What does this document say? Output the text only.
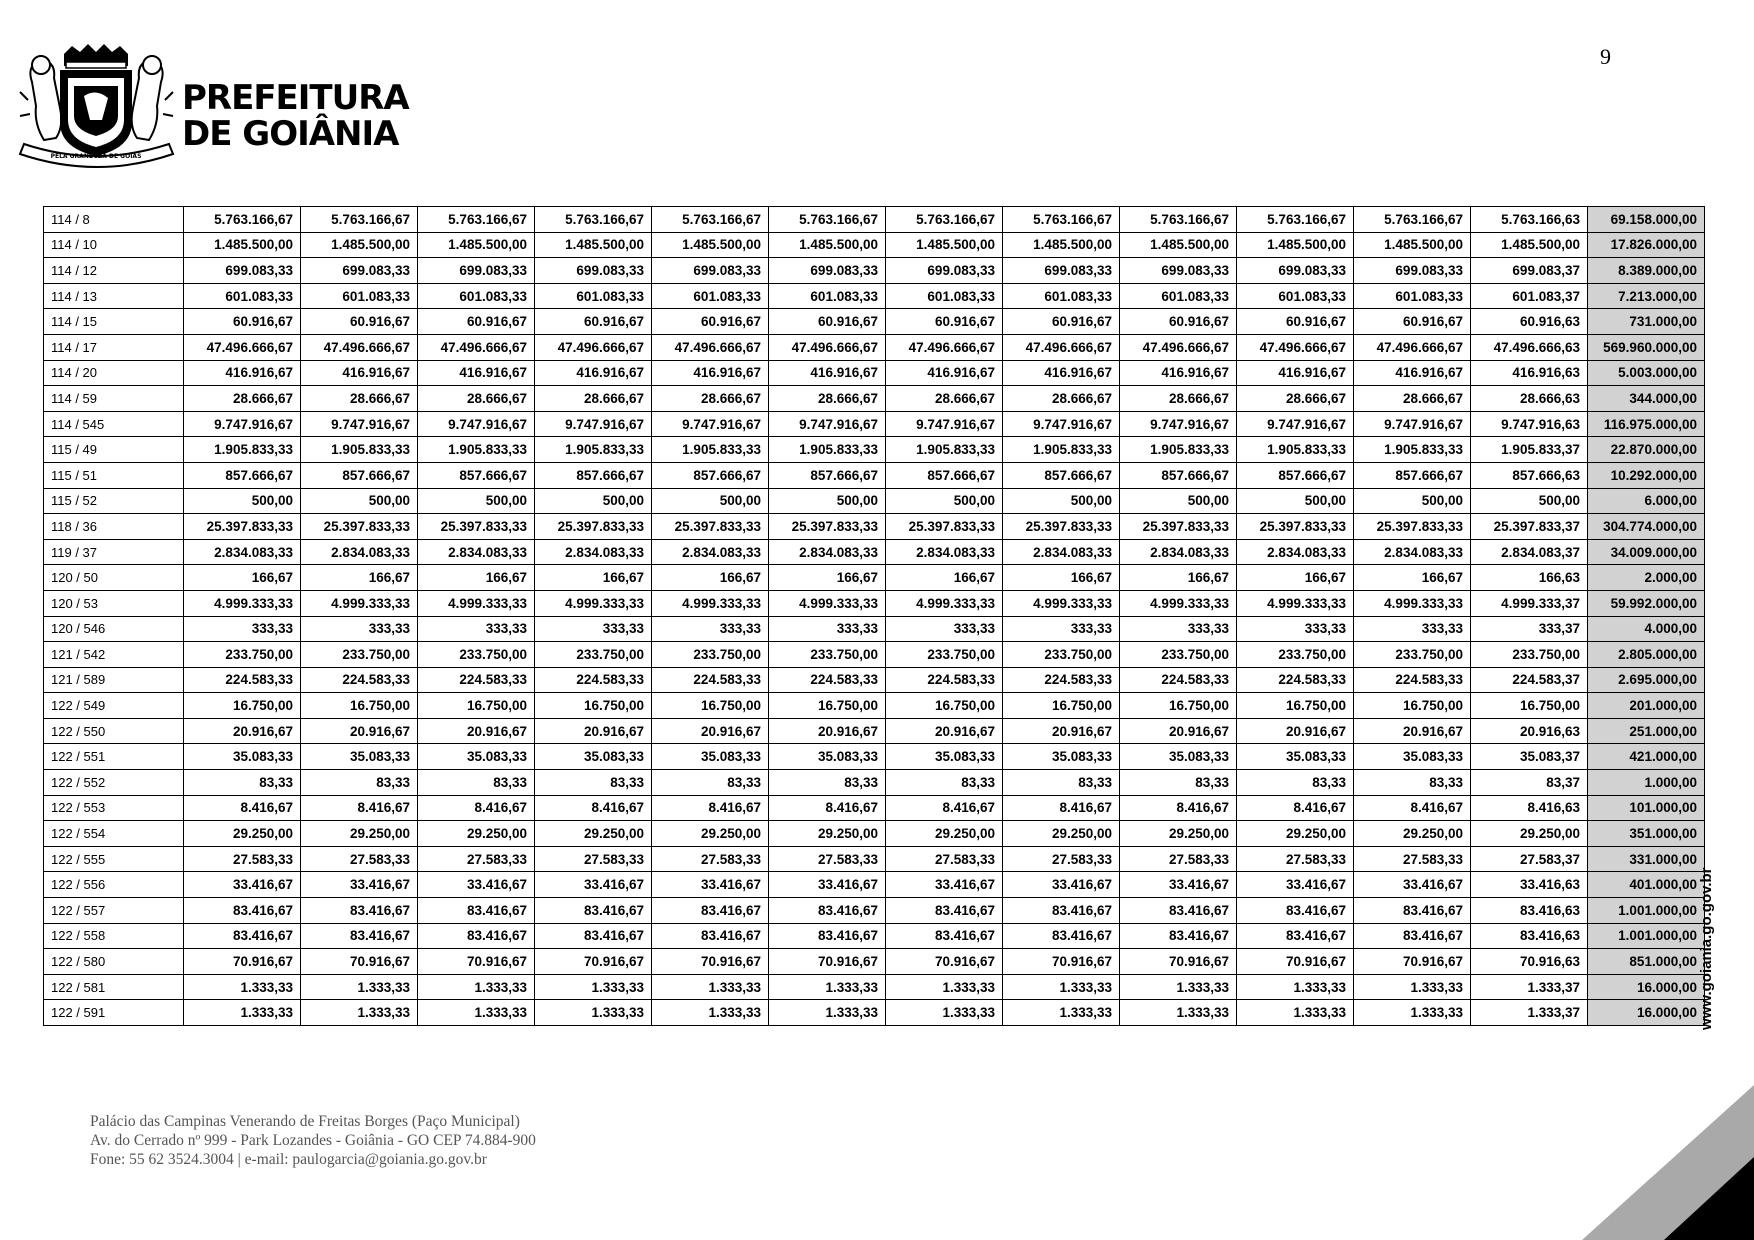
9
PELA GRANDEZA DE GOIÁS
PREFEITURA
DE GOIÂNIA
114 / 8	5.763.166,67	5.763.166,67	5.763.166,67	5.763.166,67	5.763.166,67	5.763.166,67	5.763.166,67	5.763.166,67	5.763.166,67	5.763.166,67	5.763.166,67	5.763.166,63	69.158.000,00
114 / 10	1.485.500,00	1.485.500,00	1.485.500,00	1.485.500,00	1.485.500,00	1.485.500,00	1.485.500,00	1.485.500,00	1.485.500,00	1.485.500,00	1.485.500,00	1.485.500,00	17.826.000,00
114 / 12	699.083,33	699.083,33	699.083,33	699.083,33	699.083,33	699.083,33	699.083,33	699.083,33	699.083,33	699.083,33	699.083,33	699.083,37	8.389.000,00
114 / 13	601.083,33	601.083,33	601.083,33	601.083,33	601.083,33	601.083,33	601.083,33	601.083,33	601.083,33	601.083,33	601.083,33	601.083,37	7.213.000,00
114 / 15	60.916,67	60.916,67	60.916,67	60.916,67	60.916,67	60.916,67	60.916,67	60.916,67	60.916,67	60.916,67	60.916,67	60.916,63	731.000,00
114 / 17	47.496.666,67	47.496.666,67	47.496.666,67	47.496.666,67	47.496.666,67	47.496.666,67	47.496.666,67	47.496.666,67	47.496.666,67	47.496.666,67	47.496.666,67	47.496.666,63	569.960.000,00
114 / 20	416.916,67	416.916,67	416.916,67	416.916,67	416.916,67	416.916,67	416.916,67	416.916,67	416.916,67	416.916,67	416.916,67	416.916,63	5.003.000,00
114 / 59	28.666,67	28.666,67	28.666,67	28.666,67	28.666,67	28.666,67	28.666,67	28.666,67	28.666,67	28.666,67	28.666,67	28.666,63	344.000,00
114 / 545	9.747.916,67	9.747.916,67	9.747.916,67	9.747.916,67	9.747.916,67	9.747.916,67	9.747.916,67	9.747.916,67	9.747.916,67	9.747.916,67	9.747.916,67	9.747.916,63	116.975.000,00
115 / 49	1.905.833,33	1.905.833,33	1.905.833,33	1.905.833,33	1.905.833,33	1.905.833,33	1.905.833,33	1.905.833,33	1.905.833,33	1.905.833,33	1.905.833,33	1.905.833,37	22.870.000,00
115 / 51	857.666,67	857.666,67	857.666,67	857.666,67	857.666,67	857.666,67	857.666,67	857.666,67	857.666,67	857.666,67	857.666,67	857.666,63	10.292.000,00
115 / 52	500,00	500,00	500,00	500,00	500,00	500,00	500,00	500,00	500,00	500,00	500,00	500,00	6.000,00
118 / 36	25.397.833,33	25.397.833,33	25.397.833,33	25.397.833,33	25.397.833,33	25.397.833,33	25.397.833,33	25.397.833,33	25.397.833,33	25.397.833,33	25.397.833,33	25.397.833,37	304.774.000,00
119 / 37	2.834.083,33	2.834.083,33	2.834.083,33	2.834.083,33	2.834.083,33	2.834.083,33	2.834.083,33	2.834.083,33	2.834.083,33	2.834.083,33	2.834.083,33	2.834.083,37	34.009.000,00
120 / 50	166,67	166,67	166,67	166,67	166,67	166,67	166,67	166,67	166,67	166,67	166,67	166,63	2.000,00
120 / 53	4.999.333,33	4.999.333,33	4.999.333,33	4.999.333,33	4.999.333,33	4.999.333,33	4.999.333,33	4.999.333,33	4.999.333,33	4.999.333,33	4.999.333,33	4.999.333,37	59.992.000,00
120 / 546	333,33	333,33	333,33	333,33	333,33	333,33	333,33	333,33	333,33	333,33	333,33	333,37	4.000,00
121 / 542	233.750,00	233.750,00	233.750,00	233.750,00	233.750,00	233.750,00	233.750,00	233.750,00	233.750,00	233.750,00	233.750,00	233.750,00	2.805.000,00
121 / 589	224.583,33	224.583,33	224.583,33	224.583,33	224.583,33	224.583,33	224.583,33	224.583,33	224.583,33	224.583,33	224.583,33	224.583,37	2.695.000,00
122 / 549	16.750,00	16.750,00	16.750,00	16.750,00	16.750,00	16.750,00	16.750,00	16.750,00	16.750,00	16.750,00	16.750,00	16.750,00	201.000,00
122 / 550	20.916,67	20.916,67	20.916,67	20.916,67	20.916,67	20.916,67	20.916,67	20.916,67	20.916,67	20.916,67	20.916,67	20.916,63	251.000,00
122 / 551	35.083,33	35.083,33	35.083,33	35.083,33	35.083,33	35.083,33	35.083,33	35.083,33	35.083,33	35.083,33	35.083,33	35.083,37	421.000,00
122 / 552	83,33	83,33	83,33	83,33	83,33	83,33	83,33	83,33	83,33	83,33	83,33	83,37	1.000,00
122 / 553	8.416,67	8.416,67	8.416,67	8.416,67	8.416,67	8.416,67	8.416,67	8.416,67	8.416,67	8.416,67	8.416,67	8.416,63	101.000,00
122 / 554	29.250,00	29.250,00	29.250,00	29.250,00	29.250,00	29.250,00	29.250,00	29.250,00	29.250,00	29.250,00	29.250,00	29.250,00	351.000,00
122 / 555	27.583,33	27.583,33	27.583,33	27.583,33	27.583,33	27.583,33	27.583,33	27.583,33	27.583,33	27.583,33	27.583,33	27.583,37	331.000,00
122 / 556	33.416,67	33.416,67	33.416,67	33.416,67	33.416,67	33.416,67	33.416,67	33.416,67	33.416,67	33.416,67	33.416,67	33.416,63	401.000,00
122 / 557	83.416,67	83.416,67	83.416,67	83.416,67	83.416,67	83.416,67	83.416,67	83.416,67	83.416,67	83.416,67	83.416,67	83.416,63	1.001.000,00
122 / 558	83.416,67	83.416,67	83.416,67	83.416,67	83.416,67	83.416,67	83.416,67	83.416,67	83.416,67	83.416,67	83.416,67	83.416,63	1.001.000,00
122 / 580	70.916,67	70.916,67	70.916,67	70.916,67	70.916,67	70.916,67	70.916,67	70.916,67	70.916,67	70.916,67	70.916,67	70.916,63	851.000,00
122 / 581	1.333,33	1.333,33	1.333,33	1.333,33	1.333,33	1.333,33	1.333,33	1.333,33	1.333,33	1.333,33	1.333,33	1.333,37	16.000,00
122 / 591	1.333,33	1.333,33	1.333,33	1.333,33	1.333,33	1.333,33	1.333,33	1.333,33	1.333,33	1.333,33	1.333,33	1.333,37	16.000,00 www.goiania.go.gov.br
Palácio das Campinas Venerando de Freitas Borges (Paço Municipal)
Av. do Cerrado nº 999 - Park Lozandes - Goiânia - GO CEP 74.884-900
Fone: 55 62 3524.3004 | e-mail: paulogarcia@goiania.go.gov.br
